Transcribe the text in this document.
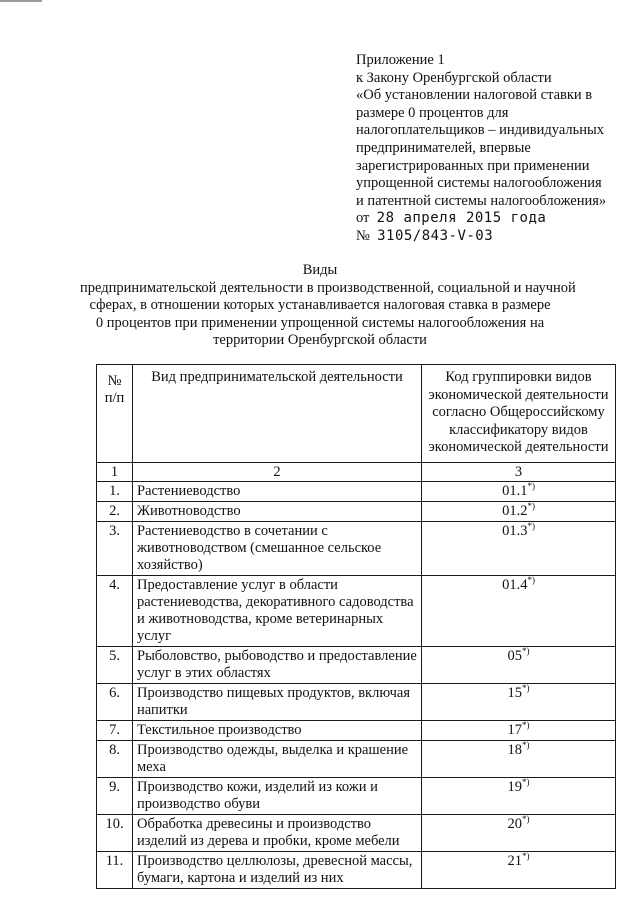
Приложение 1
к Закону Оренбургской области
«Об установлении налоговой ставки в
размере 0 процентов для
налогоплательщиков – индивидуальных
предпринимателей, впервые
зарегистрированных при применении
упрощенной системы налогообложения
и патентной системы налогообложения»
от 28 апреля 2015 года
№ 3105/843-V-03
Виды
предпринимательской деятельности в производственной, социальной и научной
сферах, в отношении которых устанавливается налоговая ставка в размере
0 процентов при применении упрощенной системы налогообложения на
территории Оренбургской области
№ п/п	Вид предпринимательской деятельности	Код группировки видов экономической деятельности согласно Общероссийскому классификатору видов экономической деятельности
1	2	3
1.	Растениеводство	01.1*)
2.	Животноводство	01.2*)
3.	Растениеводство в сочетании с животноводством (смешанное сельское хозяйство)	01.3*)
4.	Предоставление услуг в области растениеводства, декоративного садоводства и животноводства, кроме ветеринарных услуг	01.4*)
5.	Рыболовство, рыбоводство и предоставление услуг в этих областях	05*)
6.	Производство пищевых продуктов, включая напитки	15*)
7.	Текстильное производство	17*)
8.	Производство одежды, выделка и крашение меха	18*)
9.	Производство кожи, изделий из кожи и производство обуви	19*)
10.	Обработка древесины и производство изделий из дерева и пробки, кроме мебели	20*)
11.	Производство целлюлозы, древесной массы, бумаги, картона и изделий из них	21*)
